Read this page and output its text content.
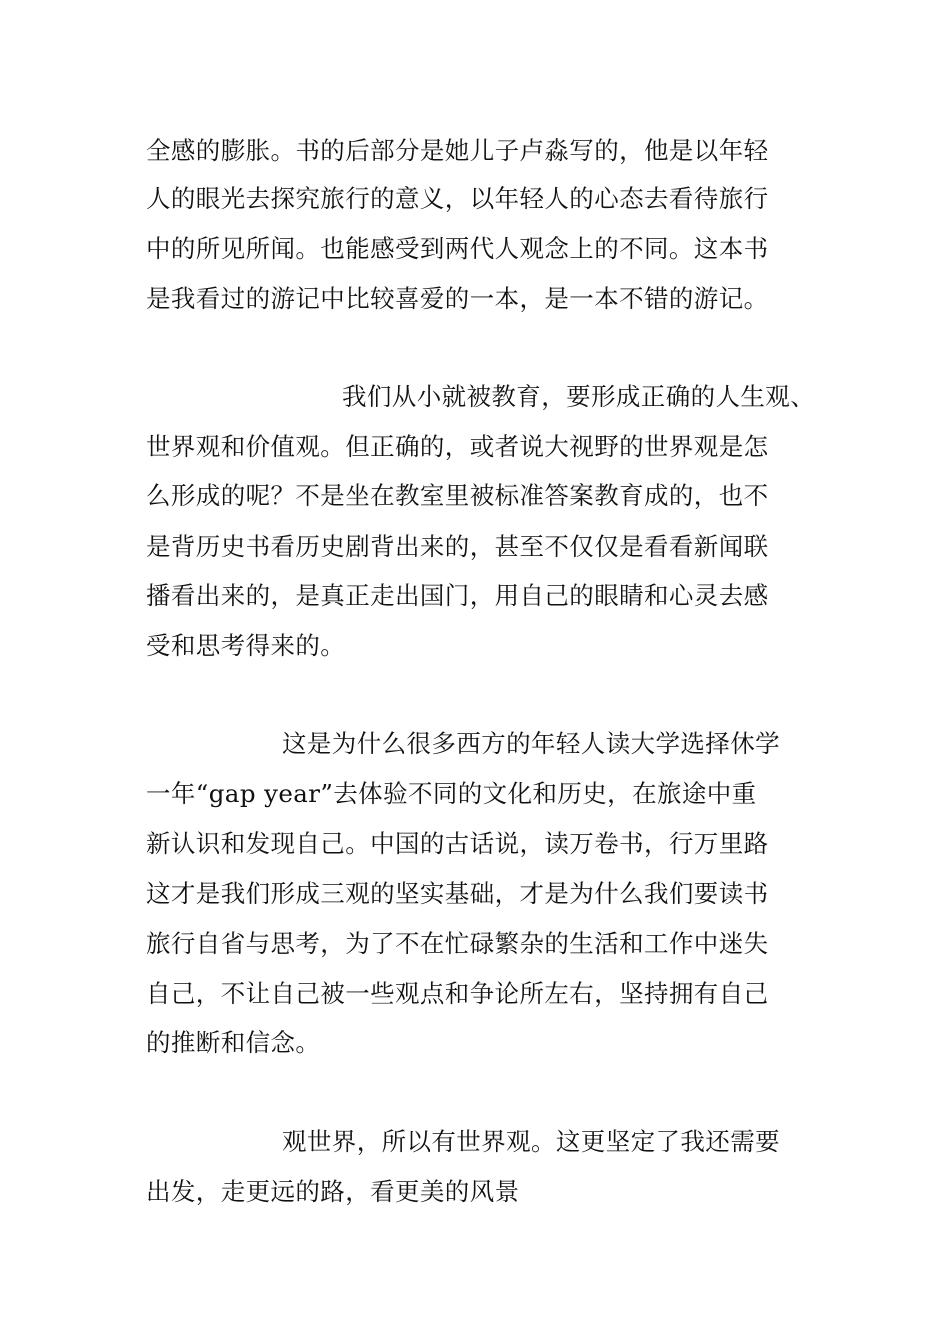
全感的膨胀。书的后部分是她儿子卢淼写的，他是以年轻
人的眼光去探究旅行的意义，以年轻人的心态去看待旅行
中的所见所闻。也能感受到两代人观念上的不同。这本书
是我看过的游记中比较喜爱的一本，是一本不错的游记。
我们从小就被教育，要形成正确的人生观、
世界观和价值观。但正确的，或者说大视野的世界观是怎
么形成的呢？不是坐在教室里被标准答案教育成的，也不
是背历史书看历史剧背出来的，甚至不仅仅是看看新闻联
播看出来的，是真正走出国门，用自己的眼睛和心灵去感
受和思考得来的。
这是为什么很多西方的年轻人读大学选择休学
一年“gap year”去体验不同的文化和历史，在旅途中重
新认识和发现自己。中国的古话说，读万卷书，行万里路
这才是我们形成三观的坚实基础，才是为什么我们要读书
旅行自省与思考，为了不在忙碌繁杂的生活和工作中迷失
自己，不让自己被一些观点和争论所左右，坚持拥有自己
的推断和信念。
观世界，所以有世界观。这更坚定了我还需要
出发，走更远的路，看更美的风景
